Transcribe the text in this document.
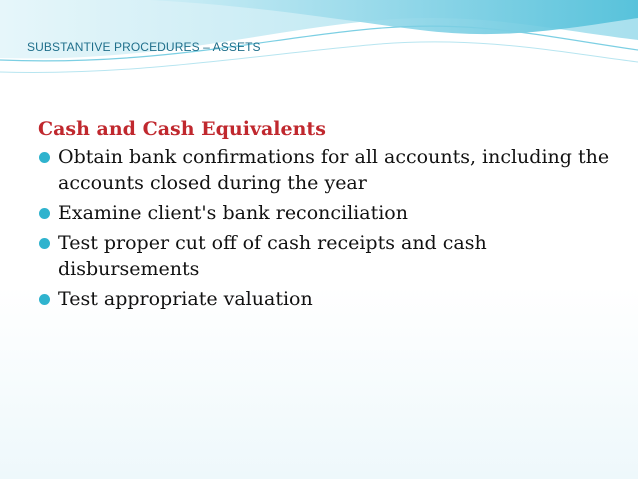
SUBSTANTIVE PROCEDURES – ASSETS
Cash and Cash Equivalents
Obtain bank confirmations for all accounts, including the accounts closed during the year
Examine client's bank reconciliation
Test proper cut off of cash receipts and cash disbursements
Test appropriate valuation
